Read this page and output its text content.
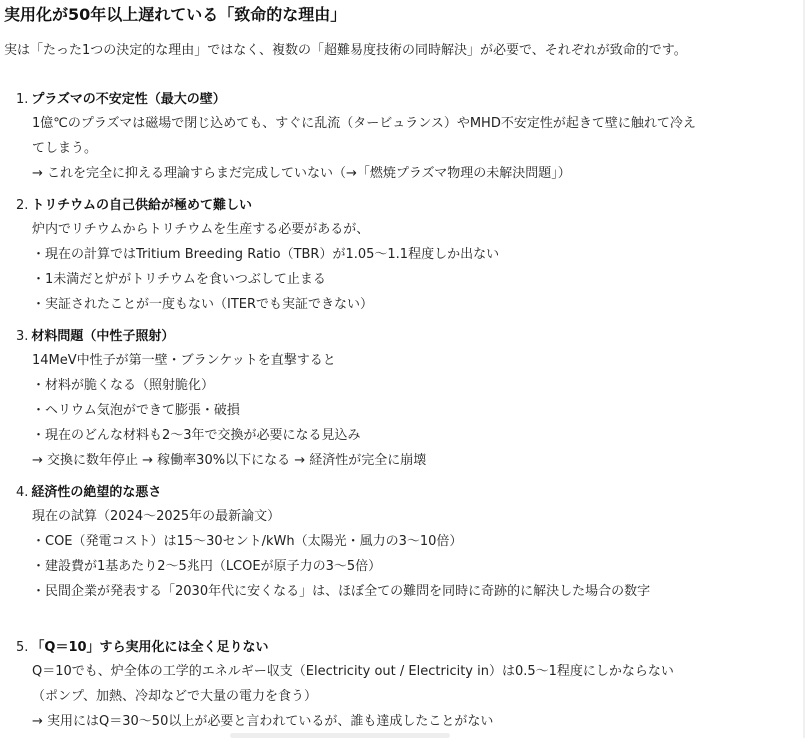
実用化が50年以上遅れている「致命的な理由」
実は「たった1つの決定的な理由」ではなく、複数の「超難易度技術の同時解決」が必要で、それぞれが致命的です。
1. プラズマの不安定性（最大の壁）
1億℃のプラズマは磁場で閉じ込めても、すぐに乱流（タービュランス）やMHD不安定性が起きて壁に触れて冷えてしまう。
→ これを完全に抑える理論すらまだ完成していない（→「燃焼プラズマ物理の未解決問題」）
2. トリチウムの自己供給が極めて難しい
炉内でリチウムからトリチウムを生産する必要があるが、
・現在の計算ではTritium Breeding Ratio（TBR）が1.05～1.1程度しか出ない
・1未満だと炉がトリチウムを食いつぶして止まる
・実証されたことが一度もない（ITERでも実証できない）
3. 材料問題（中性子照射）
14MeV中性子が第一壁・ブランケットを直撃すると
・材料が脆くなる（照射脆化）
・ヘリウム気泡ができて膨張・破損
・現在のどんな材料も2～3年で交換が必要になる見込み
→ 交換に数年停止 → 稼働率30%以下になる → 経済性が完全に崩壊
4. 経済性の絶望的な悪さ
現在の試算（2024～2025年の最新論文）
・COE（発電コスト）は15～30セント/kWh（太陽光・風力の3～10倍）
・建設費が1基あたり2～5兆円（LCOEが原子力の3～5倍）
・民間企業が発表する「2030年代に安くなる」は、ほぼ全ての難問を同時に奇跡的に解決した場合の数字
5. 「Q＝10」すら実用化には全く足りない
Q＝10でも、炉全体の工学的エネルギー収支（Electricity out / Electricity in）は0.5～1程度にしかならない（ポンプ、加熱、冷却などで大量の電力を食う）
→ 実用にはQ＝30～50以上が必要と言われているが、誰も達成したことがない
